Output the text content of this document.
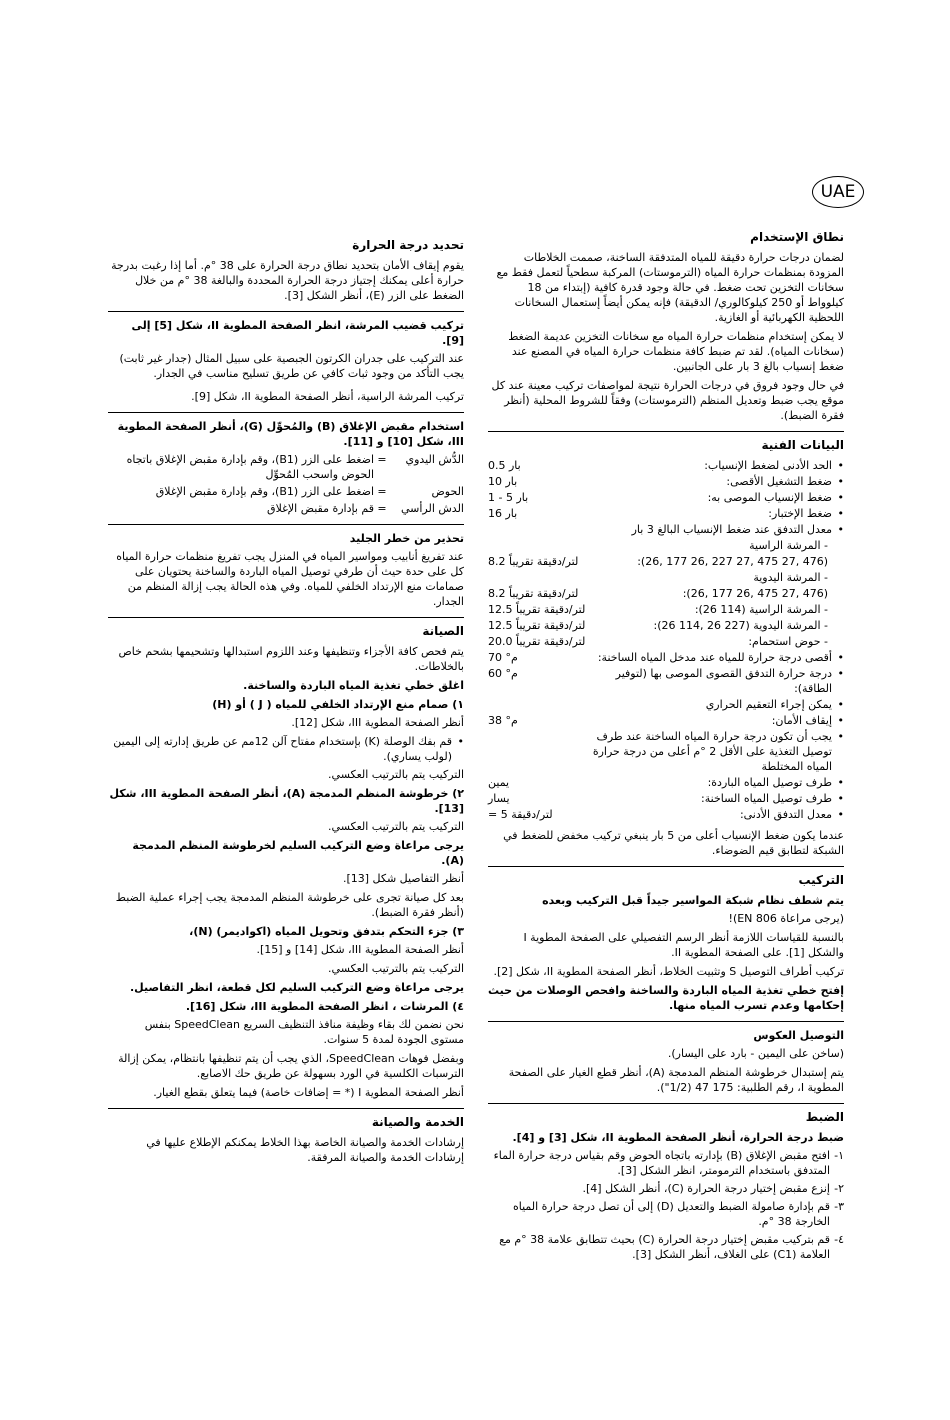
UAE
نطاق الإستخدام

لضمان درجات حرارة دقيقة للمياه المتدفقة الساخنة، صممت الخلاطات المزودة بمنظمات حرارة المياه (الترموستات) المركبة سطحياً لتعمل فقط مع سخانات التخزين تحت ضغط. في حالة وجود قدرة كافية (إبتداء من 18 كيلوواط أو 250 كيلوكالوري/ الدقيقة) فإنه يمكن أيضاً إستعمال السخانات اللحظية الكهربائية أو الغازية.

لا يمكن إستخدام منظمات حرارة المياه مع سخانات التخزين عديمة الضغط (سخانات المياه). لقد تم ضبط كافة منظمات حرارة المياه في المصنع عند ضغط إنسياب بالغ 3 بار على الجانبين.

في حال وجود فروق في درجات الحرارة نتيجة لمواصفات تركيب معينة عند كل موقع يجب ضبط وتعديل المنظم (الترموستات) وفقاً للشروط المحلية (أنظر فقرة الضبط).

البيانات الفنية
• الحد الأدنى لضغط الإنسياب:
0.5 بار
• ضغط التشغيل الأقصى:
10 بار
• ضغط الإنسياب الموصى به:
1 - 5 بار
• ضغط الإختبار:
16 بار
• معدل التدفق عند ضغط الإنسياب البالغ 3 بار
- المرشة الراسية
(476 ,27 475 ,27 227 ,26 177 ,26):
8.2 لتر/دقيقة تقريباً
- المرشة اليدوية
(476 ,27 475 ,26 177 ,26):
8.2 لتر/دقيقة تقريباً
- المرشة الراسية (114 26):
12.5 لتر/دقيقة تقريباً
- المرشة اليدوية (227 26 ,114 26):
12.5 لتر/دقيقة تقريباً
- حوض استحمام:
20.0 لتر/دقيقة تقريباً
• أقصى درجة حرارة للمياه عند مدخل المياه الساخنة:
70 °م
• درجة حرارة التدفق القصوى الموصى بها (لتوفير الطاقة):
60 °م
• يمكن إجراء التعقيم الحراري
• إيقاف الأمان:
38 °م
• يجب أن تكون درجة حرارة المياه الساخنة عند طرف توصيل التغذية على الأقل 2 °م أعلى من درجة حرارة المياه المختلطة
• طرف توصيل المياه الباردة:
يمين
• طرف توصيل المياه الساخنة:
يسار
• معدل التدفق الأدنى:
= 5 لتر/دقيقة

عندما يكون ضغط الإنسياب أعلى من 5 بار ينبغي تركيب مخفض للضغط في الشبكة لتطابق قيم الضوضاء.

التركيب
يتم شطف نظام شبكة المواسير جيداً قبل التركيب وبعده

(يرجى مراعاة EN 806)!

بالنسبة للقياسات اللازمة أنظر الرسم التفصيلي على الصفحة المطوية I والشكل [1]. على الصفحة المطوية II.

تركيب أطراف التوصيل S وتثبيت الخلاط، أنظر الصفحة المطوية II، شكل [2].

إفتح خطي تغذية المياه الباردة والساخنة وافحص الوصلات من حيث إحكامها وعدم تسرب المياه منها.
التوصيل العكوس

(ساخن على اليمين - بارد على اليسار).

يتم إستبدال خرطوشة المنظم المدمجة (A)، أنظر قطع الغيار على الصفحة المطوية I، رقم الطلبية: 175 47 (1/2").

الضبط
ضبط درجة الحرارة، أنظر الصفحة المطوية II، شكل [3] و [4].
١-
افتح مقبض الإغلاق (B) بإدارته باتجاه الحوض وقم بقياس درجة حرارة الماء المتدفق باستخدام الترمومتر، انظر الشكل [3].
٢-
إنزع مقبض إختيار درجة الحرارة (C)، أنظر الشكل [4].
٣-
قم بإدارة صامولة الضبط والتعديل (D) إلى أن تصل درجة حرارة المياه الخارجة 38 °م.
٤-
قم بتركيب مقبض إختيار درجة الحرارة (C) بحيث تتطابق علامة 38 °م مع العلامة (C1) على الغلاف، أنظر الشكل [3].
تحديد درجة الحرارة

يقوم إيقاف الأمان بتحديد نطاق درجة الحرارة على 38 °م. أما إذا رغبت بدرجة حرارة أعلى يمكنك إجتياز درجة الحرارة المحددة والبالغة 38 °م من خلال الضغط على الزر (E)، أنظر الشكل [3].

تركيب قضيب المرشة، انظر الصفحة المطوية II، شكل [5] إلى [9].

عند التركيب على جدران الكرتون الجبصية على سبيل المثال (جدار غير ثابت) يجب التأكد من وجود ثبات كافي عن طريق تسليح مناسب في الجدار.

تركيب المرشة الراسية، أنظر الصفحة المطوية II، شكل [9].

استخدام مقبض الإغلاق (B) والمُحوِّل (G)، أنظر الصفحة المطوية III، شكل [10] و [11].
الدُّش اليدوي
=
اضغط على الزر (B1)، وقم بإدارة مقبض الإغلاق باتجاه الحوض واسحب المُحوِّل
الحوض
=
اضغط على الزر (B1)، وقم بإدارة مقبض الإغلاق
الدش الرأسي
=
قم بإدارة مقبض الإغلاق
تحذير من خطر الجليد

عند تفريغ أنابيب ومواسير المياه في المنزل يجب تفريغ منظمات حرارة المياه كل على حدة حيث أن طرفي توصيل المياه الباردة والساخنة يحتويان على صمامات منع الإرتداد الخلفي للمياه. وفي هذه الحالة يجب إزالة المنظم من الجدار.

الصيانة

يتم فحص كافة الأجزاء وتنظيفها وعند اللزوم استبدالها وتشحيمها بشحم خاص بالخلاطات.

اغلق خطي تغذية المياه الباردة والساخنة.
١) صمام منع الإرتداد الخلفي للمياه ( J ) أو (H)

أنظر الصفحة المطوية III، شكل [12].

• قم بفك الوصلة (K) بإستخدام مفتاح آلن 12مم عن طريق إدارته إلى اليمين (لولب يساري).

التركيب يتم بالترتيب العكسي.

٢) خرطوشة المنظم المدمجة (A)، أنظر الصفحة المطوية III، شكل [13].

التركيب يتم بالترتيب العكسي.

يرجى مراعاة وضع التركيب السليم لخرطوشة المنظم المدمجة (A).

أنظر التفاصيل شكل [13].

بعد كل صيانة تجرى على خرطوشة المنظم المدمجة يجب إجراء عملية الضبط (أنظر فقرة الضبط).

٣) جزء التحكم بتدفق وتحويل المياه (اكواديمر) (N)،

أنظر الصفحة المطوية III، شكل [14] و [15].

التركيب يتم بالترتيب العكسي.

يرجى مراعاة وضع التركيب السليم لكل قطعة، انظر التفاصيل.
٤) المرشات ، انظر الصفحة المطوية III، شكل [16].

نحن نضمن لك بقاء وظيفة منافذ التنظيف السريع SpeedClean بنفس مستوى الجودة لمدة 5 سنوات.

وبفضل فوهات SpeedClean، الذي يجب أن يتم تنظيفها بانتظام، يمكن إزالة الترسبات الكلسية في الورد بسهولة عن طريق حك الاصابع.

أنظر الصفحة المطوية I (* = إضافات خاصة) فيما يتعلق بقطع الغيار.

الخدمة والصيانة

إرشادات الخدمة والصيانة الخاصة بهذا الخلاط يمكنكم الإطلاع عليها في إرشادات الخدمة والصيانة المرفقة.
